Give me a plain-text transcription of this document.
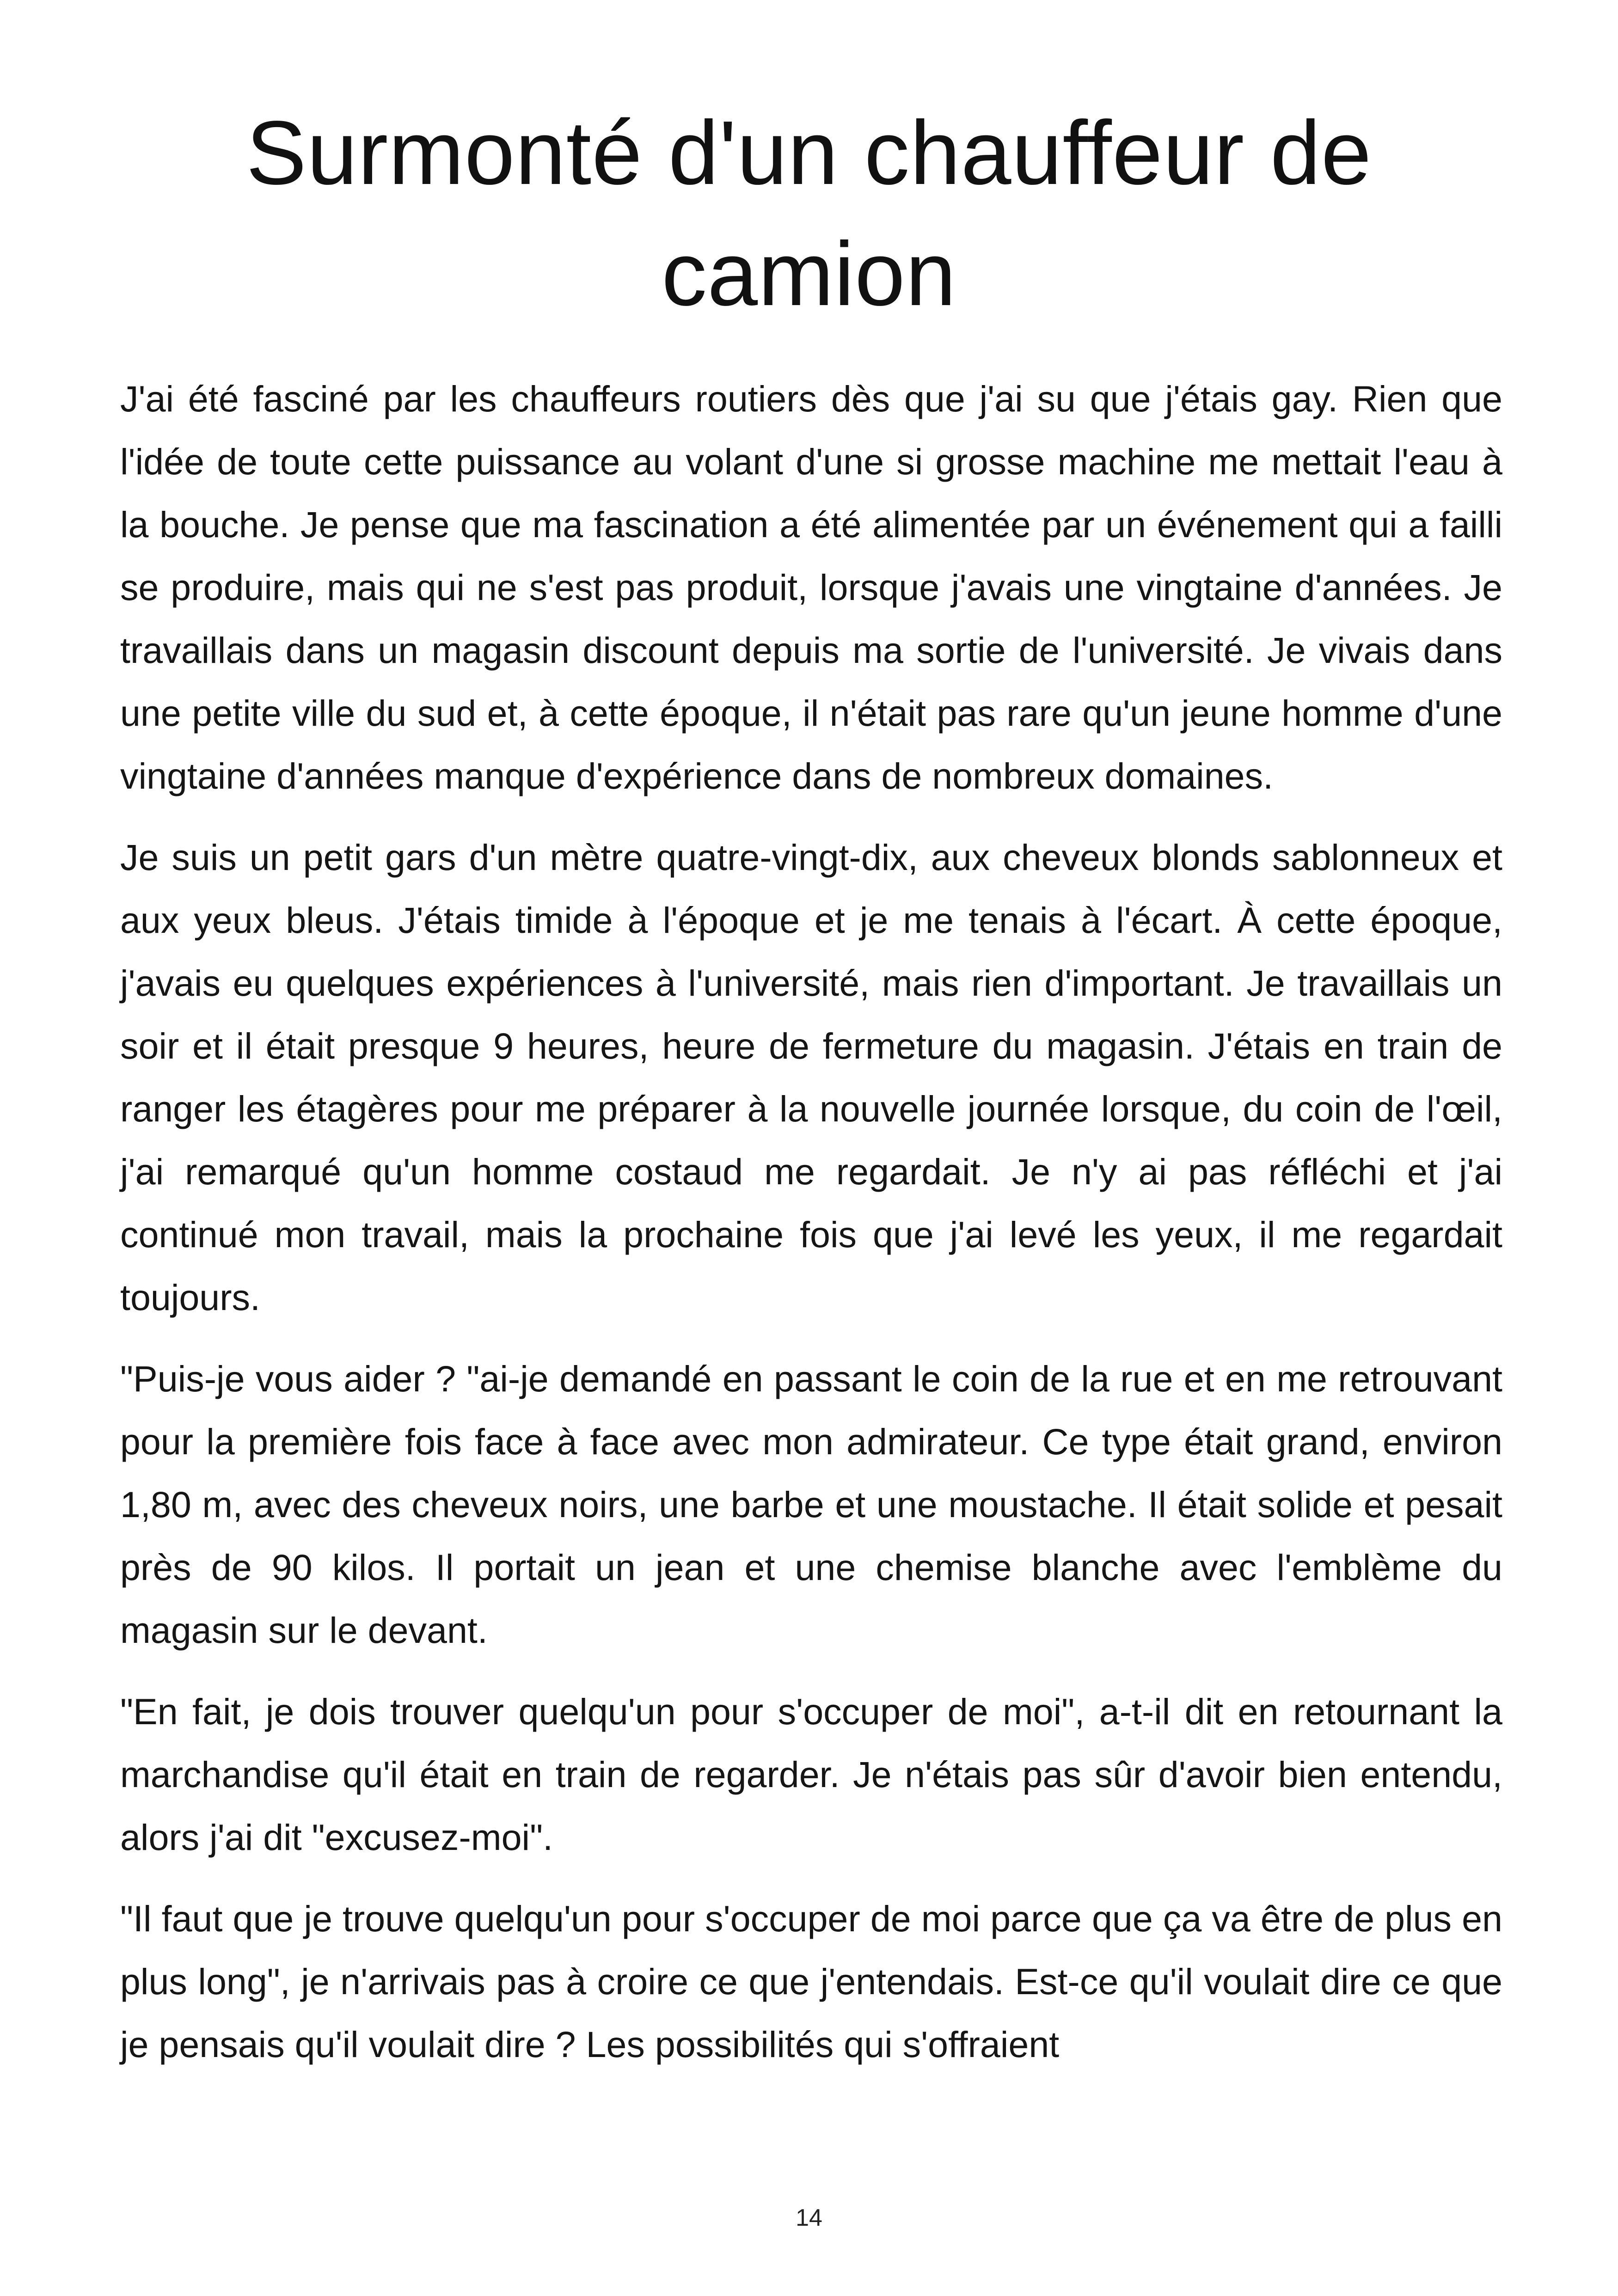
Surmonté d'un chauffeur de camion

J'ai été fasciné par les chauffeurs routiers dès que j'ai su que j'étais gay. Rien que l'idée de toute cette puissance au volant d'une si grosse machine me mettait l'eau à la bouche. Je pense que ma fascination a été alimentée par un événement qui a failli se produire, mais qui ne s'est pas produit, lorsque j'avais une vingtaine d'années. Je travaillais dans un magasin discount depuis ma sortie de l'université. Je vivais dans une petite ville du sud et, à cette époque, il n'était pas rare qu'un jeune homme d'une vingtaine d'années manque d'expérience dans de nombreux domaines.

Je suis un petit gars d'un mètre quatre-vingt-dix, aux cheveux blonds sablonneux et aux yeux bleus. J'étais timide à l'époque et je me tenais à l'écart. À cette époque, j'avais eu quelques expériences à l'université, mais rien d'important. Je travaillais un soir et il était presque 9 heures, heure de fermeture du magasin. J'étais en train de ranger les étagères pour me préparer à la nouvelle journée lorsque, du coin de l'œil, j'ai remarqué qu'un homme costaud me regardait. Je n'y ai pas réfléchi et j'ai continué mon travail, mais la prochaine fois que j'ai levé les yeux, il me regardait toujours.

"Puis-je vous aider ? "ai-je demandé en passant le coin de la rue et en me retrouvant pour la première fois face à face avec mon admirateur. Ce type était grand, environ 1,80 m, avec des cheveux noirs, une barbe et une moustache. Il était solide et pesait près de 90 kilos. Il portait un jean et une chemise blanche avec l'emblème du magasin sur le devant.

"En fait, je dois trouver quelqu'un pour s'occuper de moi", a-t-il dit en retournant la marchandise qu'il était en train de regarder. Je n'étais pas sûr d'avoir bien entendu, alors j'ai dit "excusez-moi".

"Il faut que je trouve quelqu'un pour s'occuper de moi parce que ça va être de plus en plus long", je n'arrivais pas à croire ce que j'entendais. Est-ce qu'il voulait dire ce que je pensais qu'il voulait dire ? Les possibilités qui s'offraient

14
